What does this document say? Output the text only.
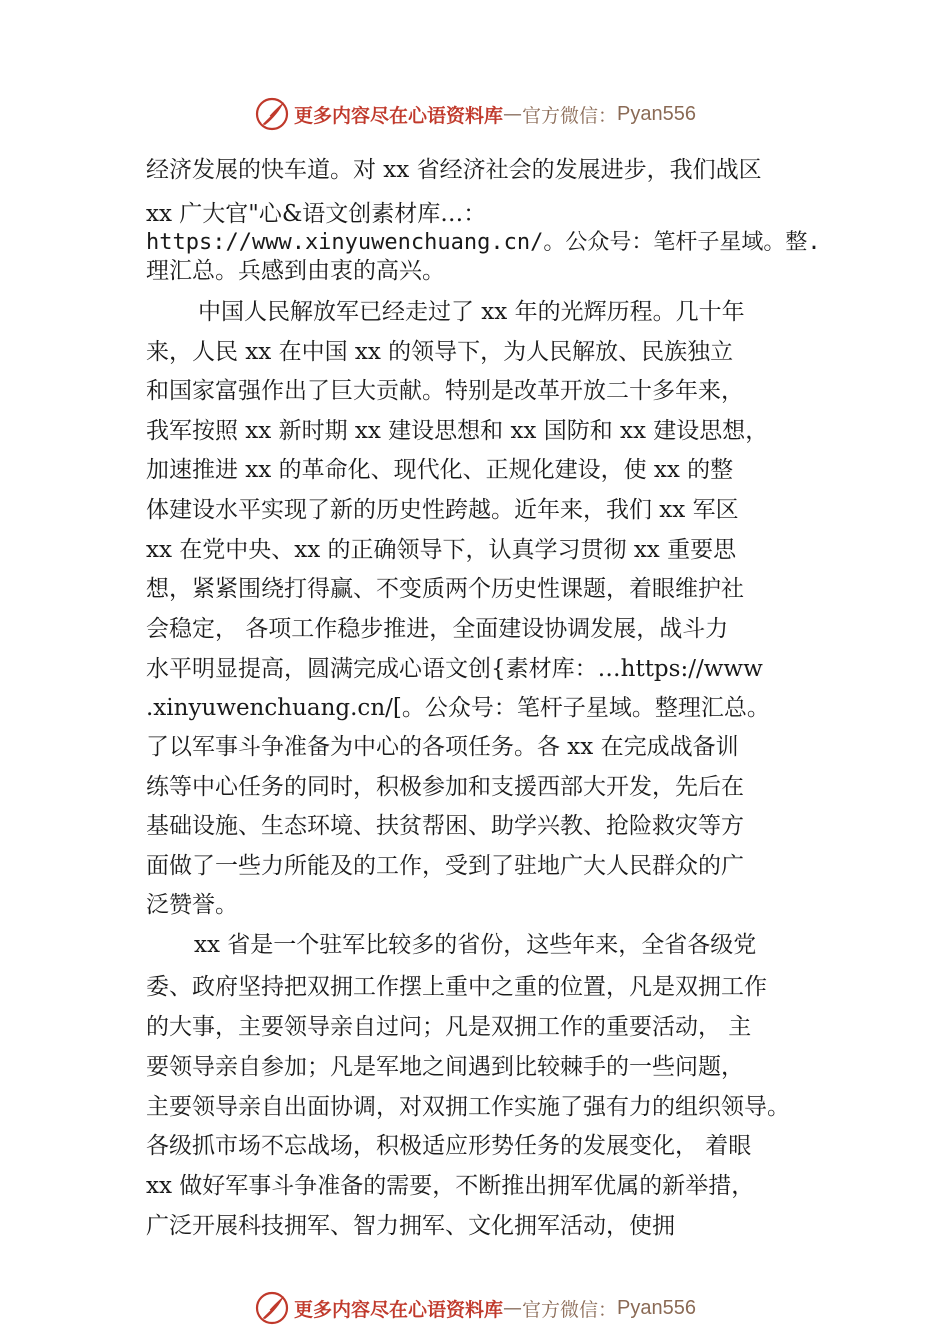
更多内容尽在心语资料库 — 官方微信： Pyan556
经济发展的快车道。对 xx 省经济社会的发展进步，我们战区
xx 广大官"心&语文创素材库…：
https://www.xinyuwenchuang.cn/。公众号：笔杆子星域。整.
理汇总。兵感到由衷的高兴。
中国人民解放军已经走过了 xx 年的光辉历程。几十年
来，人民 xx 在中国 xx 的领导下，为人民解放、民族独立
和国家富强作出了巨大贡献。特别是改革开放二十多年来，
我军按照 xx 新时期 xx 建设思想和 xx 国防和 xx 建设思想，
加速推进 xx 的革命化、现代化、正规化建设，使 xx 的整
体建设水平实现了新的历史性跨越。近年来，我们 xx 军区
xx 在党中央、xx 的正确领导下，认真学习贯彻 xx 重要思
想，紧紧围绕打得赢、不变质两个历史性课题，着眼维护社
会稳定， 各项工作稳步推进，全面建设协调发展，战斗力
水平明显提高，圆满完成心语文创{素材库：…https://www
.xinyuwenchuang.cn/[。公众号：笔杆子星域。整理汇总。
了以军事斗争准备为中心的各项任务。各 xx 在完成战备训
练等中心任务的同时，积极参加和支援西部大开发，先后在
基础设施、生态环境、扶贫帮困、助学兴教、抢险救灾等方
面做了一些力所能及的工作，受到了驻地广大人民群众的广
泛赞誉。
xx 省是一个驻军比较多的省份，这些年来，全省各级党
委、政府坚持把双拥工作摆上重中之重的位置，凡是双拥工作
的大事，主要领导亲自过问；凡是双拥工作的重要活动， 主
要领导亲自参加；凡是军地之间遇到比较棘手的一些问题，
主要领导亲自出面协调，对双拥工作实施了强有力的组织领导。
各级抓市场不忘战场，积极适应形势任务的发展变化， 着眼
xx 做好军事斗争准备的需要，不断推出拥军优属的新举措，
广泛开展科技拥军、智力拥军、文化拥军活动，使拥
更多内容尽在心语资料库 — 官方微信： Pyan556
